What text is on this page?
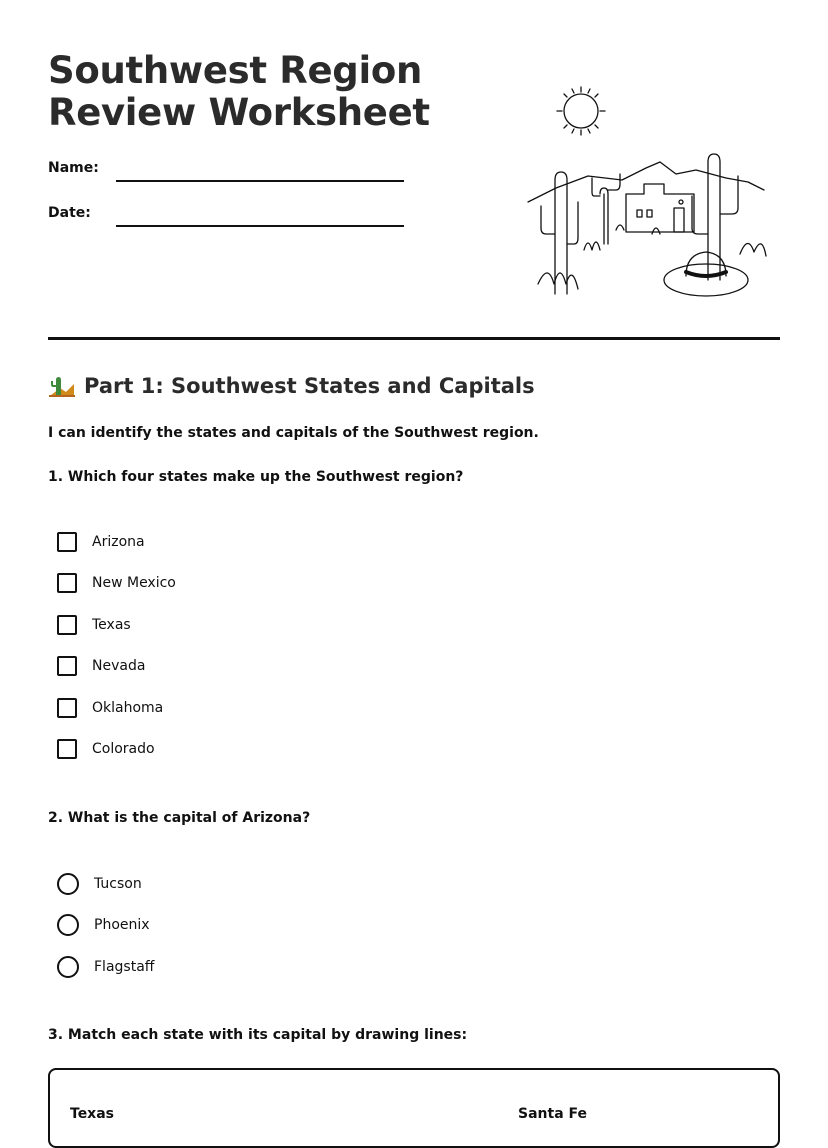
Southwest Region
Review Worksheet
Name:
Date:
Part 1: Southwest States and Capitals
I can identify the states and capitals of the Southwest region.
1. Which four states make up the Southwest region?
Arizona
New Mexico
Texas
Nevada
Oklahoma
Colorado
2. What is the capital of Arizona?
Tucson
Phoenix
Flagstaff
3. Match each state with its capital by drawing lines:
Texas	Santa Fe
